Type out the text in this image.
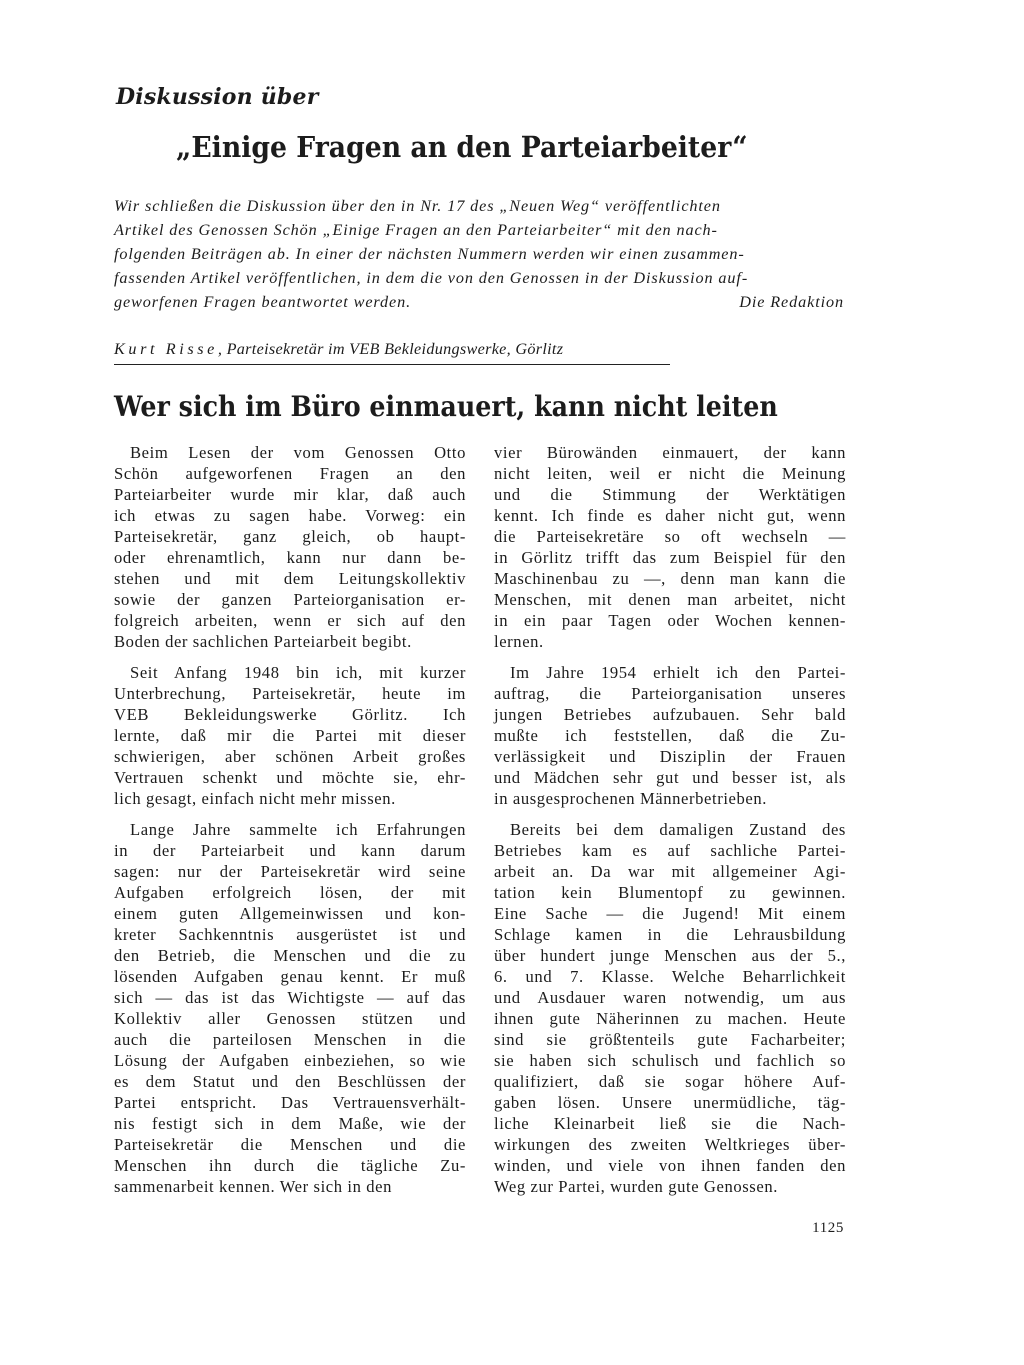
Diskussion über

„Einige Fragen an den Parteiarbeiter“
Wir schließen die Diskussion über den in Nr. 17 des „Neuen Weg“ veröffentlichten
Artikel des Genossen Schön „Einige Fragen an den Parteiarbeiter“ mit den nach-
folgenden Beiträgen ab. In einer der nächsten Nummern werden wir einen zusammen-
fassenden Artikel veröffentlichen, in dem die von den Genossen in der Diskussion auf-
geworfenen Fragen beantwortet werden.	Die Redaktion

Kurt Risse, Parteisekretär im VEB Bekleidungswerke, Görlitz

Wer sich im Büro einmauert, kann nicht leiten

Beim Lesen der vom Genossen Otto
Schön aufgeworfenen Fragen an den
Parteiarbeiter wurde mir klar, daß auch
ich etwas zu sagen habe. Vorweg: ein
Parteisekretär, ganz gleich, ob haupt-
oder ehrenamtlich, kann nur dann be-
stehen und mit dem Leitungskollektiv
sowie der ganzen Parteiorganisation er-
folgreich arbeiten, wenn er sich auf den
Boden der sachlichen Parteiarbeit begibt.

Seit Anfang 1948 bin ich, mit kurzer
Unterbrechung, Parteisekretär, heute im
VEB Bekleidungswerke Görlitz. Ich
lernte, daß mir die Partei mit dieser
schwierigen, aber schönen Arbeit großes
Vertrauen schenkt und möchte sie, ehr-
lich gesagt, einfach nicht mehr missen.

Lange Jahre sammelte ich Erfahrungen
in der Parteiarbeit und kann darum
sagen: nur der Parteisekretär wird seine
Aufgaben erfolgreich lösen, der mit
einem guten Allgemeinwissen und kon-
kreter Sachkenntnis ausgerüstet ist und
den Betrieb, die Menschen und die zu
lösenden Aufgaben genau kennt. Er muß
sich — das ist das Wichtigste — auf das
Kollektiv aller Genossen stützen und
auch die parteilosen Menschen in die
Lösung der Aufgaben einbeziehen, so wie
es dem Statut und den Beschlüssen der
Partei entspricht. Das Vertrauensverhält-
nis festigt sich in dem Maße, wie der
Parteisekretär die Menschen und die
Menschen ihn durch die tägliche Zu-
sammenarbeit kennen. Wer sich in den

vier Bürowänden einmauert, der kann
nicht leiten, weil er nicht die Meinung
und die Stimmung der Werktätigen
kennt. Ich finde es daher nicht gut, wenn
die Parteisekretäre so oft wechseln —
in Görlitz trifft das zum Beispiel für den
Maschinenbau zu —, denn man kann die
Menschen, mit denen man arbeitet, nicht
in ein paar Tagen oder Wochen kennen-
lernen.

Im Jahre 1954 erhielt ich den Partei-
auftrag, die Parteiorganisation unseres
jungen Betriebes aufzubauen. Sehr bald
mußte ich feststellen, daß die Zu-
verlässigkeit und Disziplin der Frauen
und Mädchen sehr gut und besser ist, als
in ausgesprochenen Männerbetrieben.

Bereits bei dem damaligen Zustand des
Betriebes kam es auf sachliche Partei-
arbeit an. Da war mit allgemeiner Agi-
tation kein Blumentopf zu gewinnen.
Eine Sache — die Jugend! Mit einem
Schlage kamen in die Lehrausbildung
über hundert junge Menschen aus der 5.,
6. und 7. Klasse. Welche Beharrlichkeit
und Ausdauer waren notwendig, um aus
ihnen gute Näherinnen zu machen. Heute
sind sie größtenteils gute Facharbeiter;
sie haben sich schulisch und fachlich so
qualifiziert, daß sie sogar höhere Auf-
gaben lösen. Unsere unermüdliche, täg-
liche Kleinarbeit ließ sie die Nach-
wirkungen des zweiten Weltkrieges über-
winden, und viele von ihnen fanden den
Weg zur Partei, wurden gute Genossen.

1125
